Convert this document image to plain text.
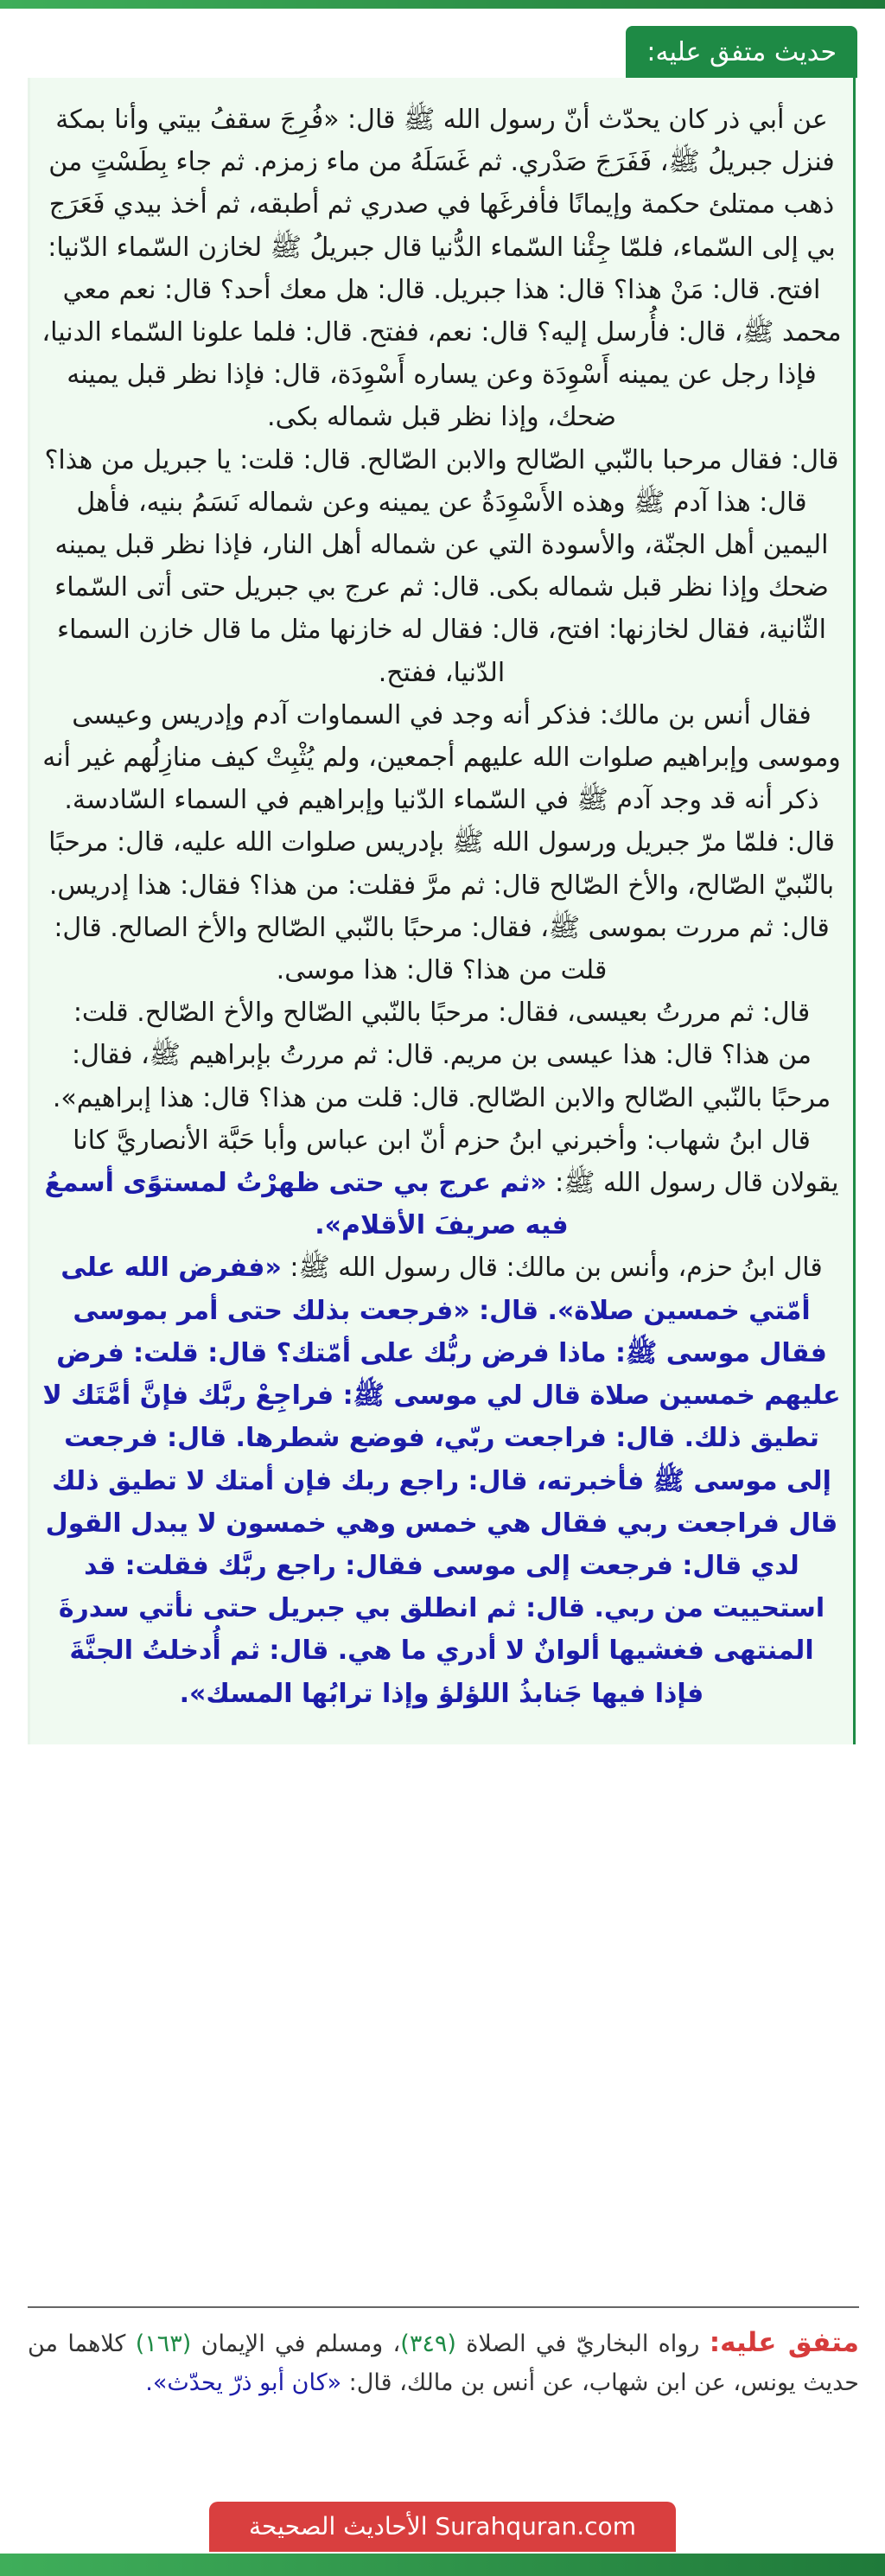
حديث متفق عليه:

عن أبي ذر كان يحدّث أنّ رسول الله ﷺ قال: «فُرِجَ سقفُ بيتي وأنا بمكة فنزل جبريلُ ﷺ، فَفَرَجَ صَدْري. ثم غَسَلَهُ من ماء زمزم. ثم جاء بِطَسْتٍ من ذهب ممتلئ حكمة وإيمانًا فأفرغَها في صدري ثم أطبقه، ثم أخذ بيدي فَعَرَج بي إلى السّماء، فلمّا جِئْنا السّماء الدُّنيا قال جبريلُ ﷺ لخازن السّماء الدّنيا: افتح. قال: مَنْ هذا؟ قال: هذا جبريل. قال: هل معك أحد؟ قال: نعم معي محمد ﷺ، قال: فأُرسل إليه؟ قال: نعم، ففتح. قال: فلما علونا السّماء الدنيا، فإذا رجل عن يمينه أَسْوِدَة وعن يساره أَسْوِدَة، قال: فإذا نظر قبل يمينه ضحك، وإذا نظر قبل شماله بكى.

قال: فقال مرحبا بالنّبي الصّالح والابن الصّالح. قال: قلت: يا جبريل من هذا؟ قال: هذا آدم ﷺ وهذه الأَسْوِدَةُ عن يمينه وعن شماله نَسَمُ بنيه، فأهل اليمين أهل الجنّة، والأسودة التي عن شماله أهل النار، فإذا نظر قبل يمينه ضحك وإذا نظر قبل شماله بكى. قال: ثم عرج بي جبريل حتى أتى السّماء الثّانية، فقال لخازنها: افتح، قال: فقال له خازنها مثل ما قال خازن السماء الدّنيا، ففتح.

فقال أنس بن مالك: فذكر أنه وجد في السماوات آدم وإدريس وعيسى وموسى وإبراهيم صلوات الله عليهم أجمعين، ولم يُثْبِتْ كيف منازِلُهم غير أنه ذكر أنه قد وجد آدم ﷺ في السّماء الدّنيا وإبراهيم في السماء السّادسة. قال: فلمّا مرّ جبريل ورسول الله ﷺ بإدريس صلوات الله عليه، قال: مرحبًا بالنّبيّ الصّالح، والأخ الصّالح قال: ثم مرَّ فقلت: من هذا؟ فقال: هذا إدريس. قال: ثم مررت بموسى ﷺ، فقال: مرحبًا بالنّبي الصّالح والأخ الصالح. قال: قلت من هذا؟ قال: هذا موسى.

قال: ثم مررتُ بعيسى، فقال: مرحبًا بالنّبي الصّالح والأخ الصّالح. قلت:

من هذا؟ قال: هذا عيسى بن مريم. قال: ثم مررتُ بإبراهيم ﷺ، فقال: مرحبًا بالنّبي الصّالح والابن الصّالح. قال: قلت من هذا؟ قال: هذا إبراهيم».

قال ابنُ شهاب: وأخبرني ابنُ حزم أنّ ابن عباس وأبا حَبَّة الأنصاريَّ كانا يقولان قال رسول الله ﷺ: «ثم عرج بي حتى ظهرْتُ لمستوًى أسمعُ فيه صريفَ الأقلام».

قال ابنُ حزم، وأنس بن مالك: قال رسول الله ﷺ: «ففرض الله على أمّتي خمسين صلاة». قال: «فرجعت بذلك حتى أمر بموسى فقال موسى ﷺ: ماذا فرض ربُّك على أمّتك؟ قال: قلت: فرض عليهم خمسين صلاة قال لي موسى ﷺ: فراجِعْ ربَّك فإنَّ أمَّتَك لا تطيق ذلك. قال: فراجعت ربّي، فوضع شطرها. قال: فرجعت إلى موسى ﷺ فأخبرته، قال: راجع ربك فإن أمتك لا تطيق ذلك قال فراجعت ربي فقال هي خمس وهي خمسون لا يبدل القول لدي قال: فرجعت إلى موسى فقال: راجع ربَّك فقلت: قد استحييت من ربي. قال: ثم انطلق بي جبريل حتى نأتي سدرةَ المنتهى فغشيها ألوانٌ لا أدري ما هي. قال: ثم أُدخلتُ الجنَّةَ فإذا فيها جَنابذُ اللؤلؤ وإذا ترابُها المسك».

متفق عليه: رواه البخاريّ في الصلاة (٣٤٩)، ومسلم في الإيمان (١٦٣) كلاهما من حديث يونس، عن ابن شهاب، عن أنس بن مالك، قال: «كان أبو ذرّ يحدّث».
Surahquran.com الأحاديث الصحيحة
